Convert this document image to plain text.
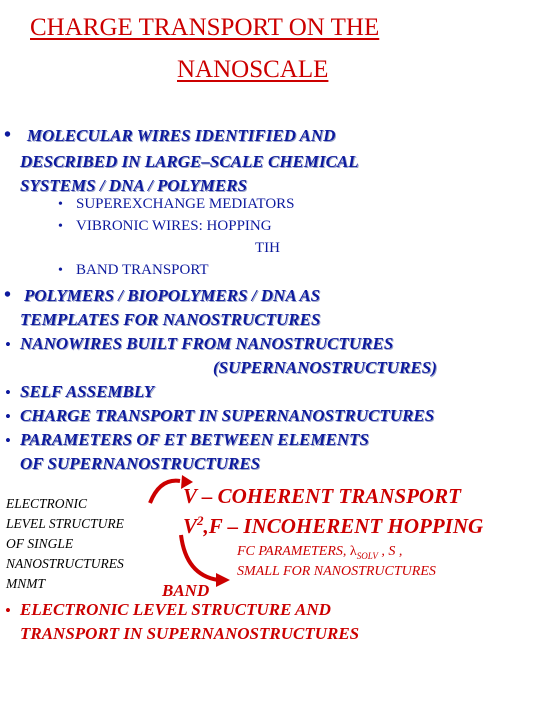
CHARGE TRANSPORT ON THE
NANOSCALE
• MOLECULAR WIRES IDENTIFIED AND
DESCRIBED IN LARGE–SCALE CHEMICAL
SYSTEMS / DNA / POLYMERS
• SUPEREXCHANGE MEDIATORS
• VIBRONIC WIRES: HOPPING
TIH
• BAND TRANSPORT
• POLYMERS / BIOPOLYMERS / DNA AS
TEMPLATES FOR NANOSTRUCTURES
• NANOWIRES BUILT FROM NANOSTRUCTURES
(SUPERNANOSTRUCTURES)
• SELF ASSEMBLY
• CHARGE TRANSPORT IN SUPERNANOSTRUCTURES
• PARAMETERS OF ET BETWEEN ELEMENTS
OF SUPERNANOSTRUCTURES
ELECTRONIC
LEVEL STRUCTURE
OF SINGLE
NANOSTRUCTURES
MNMT
V – COHERENT TRANSPORT
$V^2,F$ – INCOHERENT HOPPING
FC PARAMETERS, $\lambda_{SOLV}$ , S ,
SMALL FOR NANOSTRUCTURES
BAND
• ELECTRONIC LEVEL STRUCTURE AND
TRANSPORT IN SUPERNANOSTRUCTURES
